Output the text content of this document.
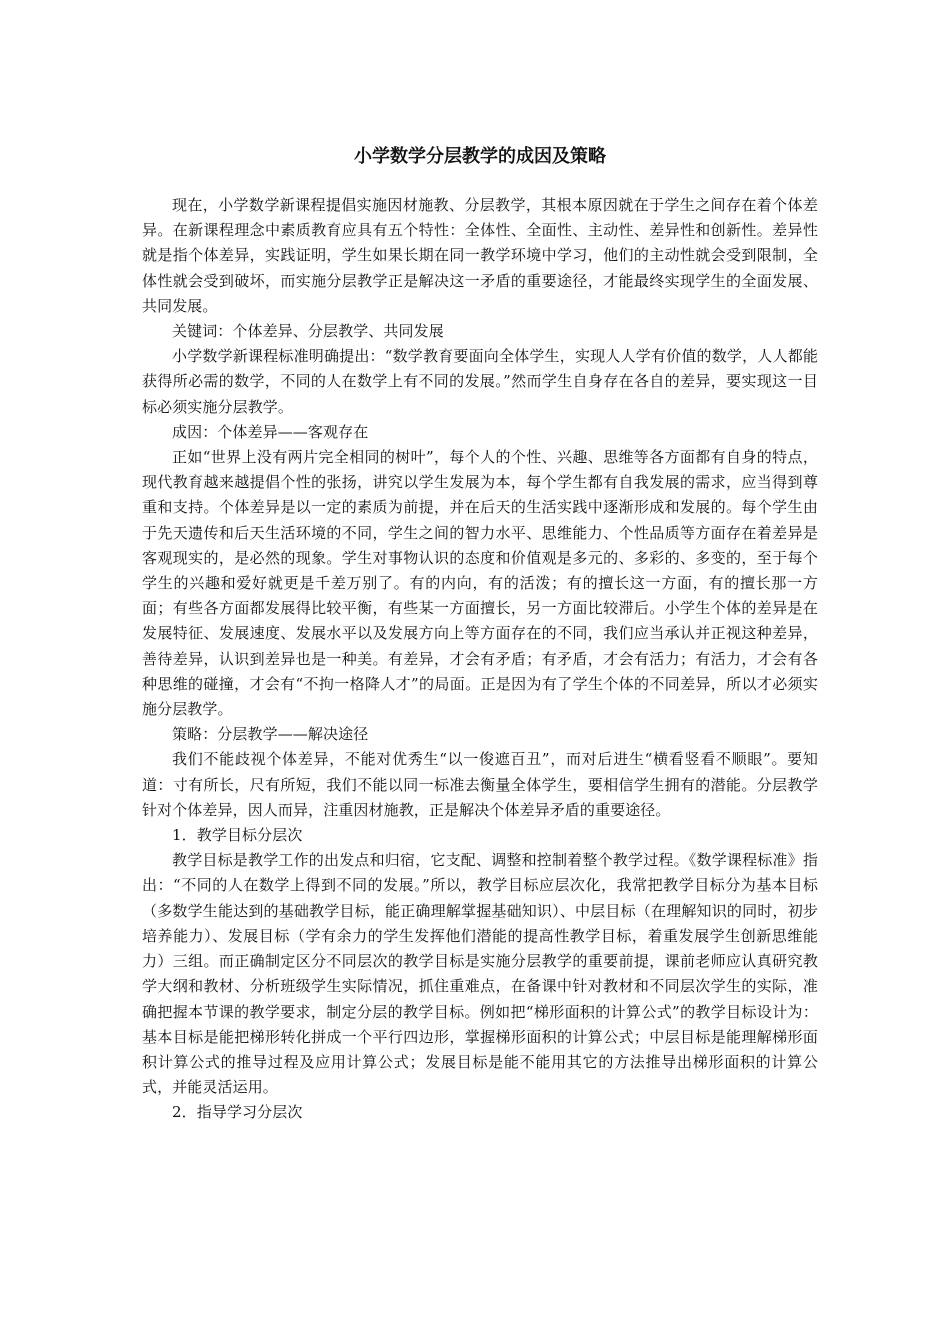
小学数学分层教学的成因及策略

现在，小学数学新课程提倡实施因材施教、分层教学，其根本原因就在于学生之间存在着个体差异。在新课程理念中素质教育应具有五个特性：全体性、全面性、主动性、差异性和创新性。差异性就是指个体差异，实践证明，学生如果长期在同一教学环境中学习，他们的主动性就会受到限制，全体性就会受到破坏，而实施分层教学正是解决这一矛盾的重要途径，才能最终实现学生的全面发展、共同发展。

关键词：个体差异、分层教学、共同发展

小学数学新课程标准明确提出：“数学教育要面向全体学生，实现人人学有价值的数学，人人都能获得所必需的数学，不同的人在数学上有不同的发展。”然而学生自身存在各自的差异，要实现这一目标必须实施分层教学。

成因：个体差异——客观存在

正如“世界上没有两片完全相同的树叶”，每个人的个性、兴趣、思维等各方面都有自身的特点，现代教育越来越提倡个性的张扬，讲究以学生发展为本，每个学生都有自我发展的需求，应当得到尊重和支持。个体差异是以一定的素质为前提，并在后天的生活实践中逐渐形成和发展的。每个学生由于先天遗传和后天生活环境的不同，学生之间的智力水平、思维能力、个性品质等方面存在着差异是客观现实的，是必然的现象。学生对事物认识的态度和价值观是多元的、多彩的、多变的，至于每个学生的兴趣和爱好就更是千差万别了。有的内向，有的活泼；有的擅长这一方面，有的擅长那一方面；有些各方面都发展得比较平衡，有些某一方面擅长，另一方面比较滞后。小学生个体的差异是在发展特征、发展速度、发展水平以及发展方向上等方面存在的不同，我们应当承认并正视这种差异，善待差异，认识到差异也是一种美。有差异，才会有矛盾；有矛盾，才会有活力；有活力，才会有各种思维的碰撞，才会有“不拘一格降人才”的局面。正是因为有了学生个体的不同差异，所以才必须实施分层教学。

策略：分层教学——解决途径

我们不能歧视个体差异，不能对优秀生“以一俊遮百丑”，而对后进生“横看竖看不顺眼”。要知道：寸有所长，尺有所短，我们不能以同一标准去衡量全体学生，要相信学生拥有的潜能。分层教学针对个体差异，因人而异，注重因材施教，正是解决个体差异矛盾的重要途径。

1．教学目标分层次

教学目标是教学工作的出发点和归宿，它支配、调整和控制着整个教学过程。《数学课程标准》指出：“不同的人在数学上得到不同的发展。”所以，教学目标应层次化，我常把教学目标分为基本目标（多数学生能达到的基础教学目标，能正确理解掌握基础知识）、中层目标（在理解知识的同时，初步培养能力）、发展目标（学有余力的学生发挥他们潜能的提高性教学目标，着重发展学生创新思维能力）三组。而正确制定区分不同层次的教学目标是实施分层教学的重要前提，课前老师应认真研究教学大纲和教材、分析班级学生实际情况，抓住重难点，在备课中针对教材和不同层次学生的实际，准确把握本节课的教学要求，制定分层的教学目标。例如把“梯形面积的计算公式”的教学目标设计为：基本目标是能把梯形转化拼成一个平行四边形，掌握梯形面积的计算公式；中层目标是能理解梯形面积计算公式的推导过程及应用计算公式；发展目标是能不能用其它的方法推导出梯形面积的计算公式，并能灵活运用。

2．指导学习分层次
